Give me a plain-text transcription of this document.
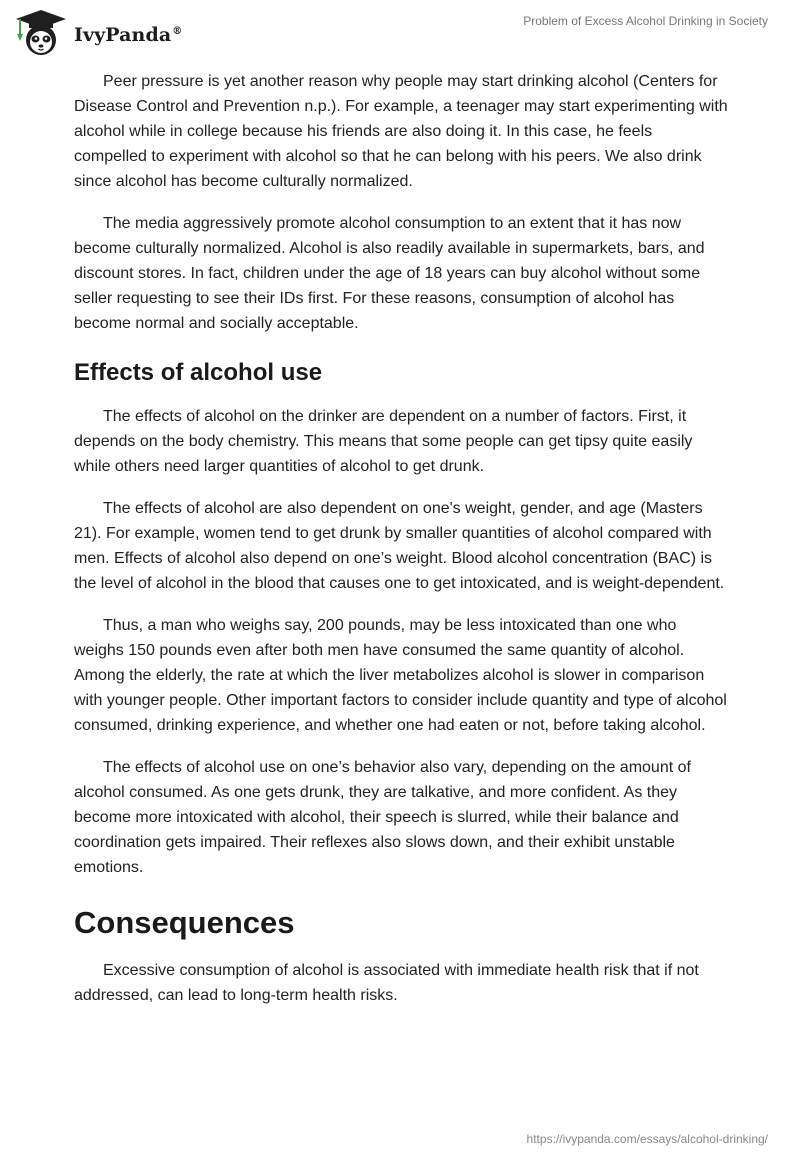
IvyPanda®
Problem of Excess Alcohol Drinking in Society

Peer pressure is yet another reason why people may start drinking alcohol (Centers for Disease Control and Prevention n.p.). For example, a teenager may start experimenting with alcohol while in college because his friends are also doing it. In this case, he feels compelled to experiment with alcohol so that he can belong with his peers. We also drink since alcohol has become culturally normalized.

The media aggressively promote alcohol consumption to an extent that it has now become culturally normalized. Alcohol is also readily available in supermarkets, bars, and discount stores. In fact, children under the age of 18 years can buy alcohol without some seller requesting to see their IDs first. For these reasons, consumption of alcohol has become normal and socially acceptable.

Effects of alcohol use

The effects of alcohol on the drinker are dependent on a number of factors. First, it depends on the body chemistry. This means that some people can get tipsy quite easily while others need larger quantities of alcohol to get drunk.

The effects of alcohol are also dependent on one's weight, gender, and age (Masters 21). For example, women tend to get drunk by smaller quantities of alcohol compared with men. Effects of alcohol also depend on one’s weight. Blood alcohol concentration (BAC) is the level of alcohol in the blood that causes one to get intoxicated, and is weight-dependent.

Thus, a man who weighs say, 200 pounds, may be less intoxicated than one who weighs 150 pounds even after both men have consumed the same quantity of alcohol. Among the elderly, the rate at which the liver metabolizes alcohol is slower in comparison with younger people. Other important factors to consider include quantity and type of alcohol consumed, drinking experience, and whether one had eaten or not, before taking alcohol.

The effects of alcohol use on one’s behavior also vary, depending on the amount of alcohol consumed. As one gets drunk, they are talkative, and more confident. As they become more intoxicated with alcohol, their speech is slurred, while their balance and coordination gets impaired. Their reflexes also slows down, and their exhibit unstable emotions.

Consequences

Excessive consumption of alcohol is associated with immediate health risk that if not addressed, can lead to long-term health risks.

https://ivypanda.com/essays/alcohol-drinking/
